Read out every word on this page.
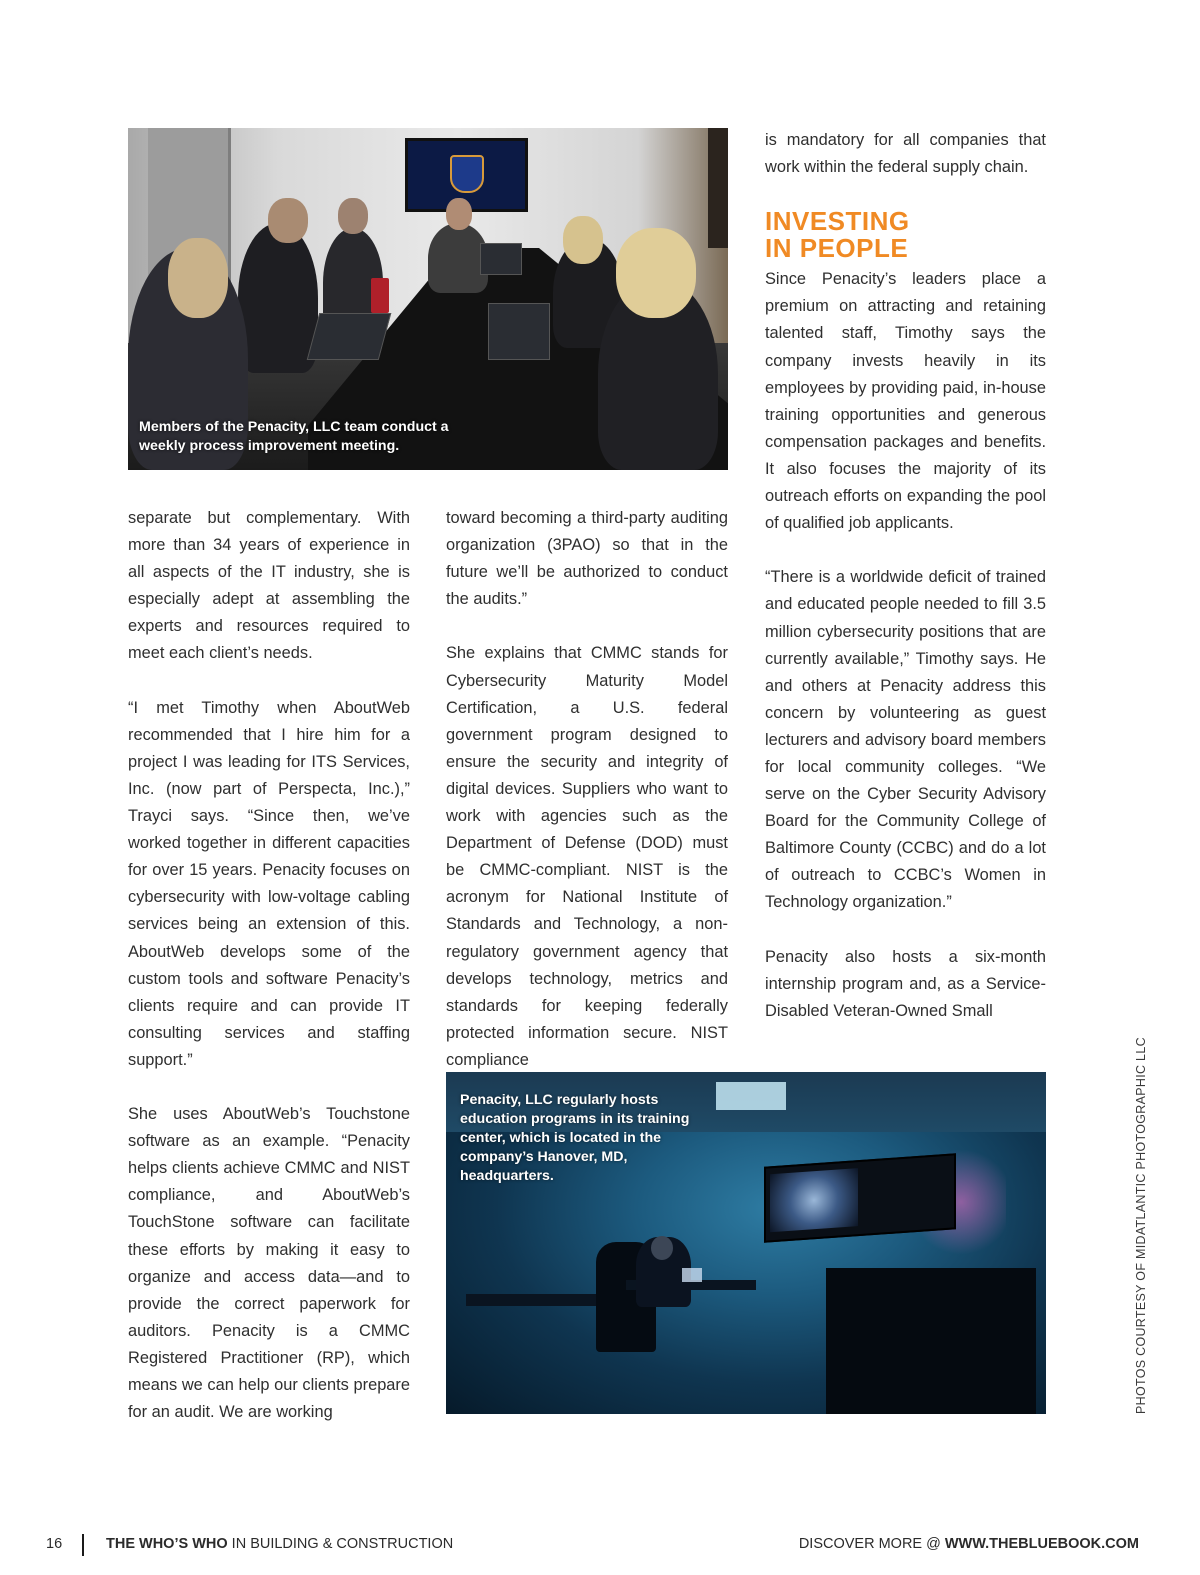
Members of the Penacity, LLC team conduct a weekly process improvement meeting.

separate but complementary. With more than 34 years of experience in all aspects of the IT industry, she is especially adept at assembling the experts and resources required to meet each client’s needs.

“I met Timothy when AboutWeb recommended that I hire him for a project I was leading for ITS Services, Inc. (now part of Perspecta, Inc.),” Trayci says. “Since then, we’ve worked together in different capacities for over 15 years. Penacity focuses on cybersecurity with low-voltage cabling services being an extension of this. AboutWeb develops some of the custom tools and software Penacity’s clients require and can provide IT consulting services and staffing support.”

She uses AboutWeb’s Touchstone software as an example. “Penacity helps clients achieve CMMC and NIST compliance, and AboutWeb’s TouchStone software can facilitate these efforts by making it easy to organize and access data—and to provide the correct paperwork for auditors. Penacity is a CMMC Registered Practitioner (RP), which means we can help our clients prepare for an audit. We are working

toward becoming a third-party auditing organization (3PAO) so that in the future we’ll be authorized to conduct the audits.”

She explains that CMMC stands for Cybersecurity Maturity Model Certification, a U.S. federal government program designed to ensure the security and integrity of digital devices. Suppliers who want to work with agencies such as the Department of Defense (DOD) must be CMMC-compliant. NIST is the acronym for National Institute of Standards and Technology, a non-regulatory government agency that develops technology, metrics and standards for keeping federally protected information secure. NIST compliance

is mandatory for all companies that work within the federal supply chain.

INVESTING
IN PEOPLE

Since Penacity’s leaders place a premium on attracting and retaining talented staff, Timothy says the company invests heavily in its employees by providing paid, in-house training opportunities and generous compensation packages and benefits. It also focuses the majority of its outreach efforts on expanding the pool of qualified job applicants.

“There is a worldwide deficit of trained and educated people needed to fill 3.5 million cybersecurity positions that are currently available,” Timothy says. He and others at Penacity address this concern by volunteering as guest lecturers and advisory board members for local community colleges. “We serve on the Cyber Security Advisory Board for the Community College of Baltimore County (CCBC) and do a lot of outreach to CCBC’s Women in Technology organization.”

Penacity also hosts a six-month internship program and, as a Service-Disabled Veteran-Owned Small

Penacity, LLC regularly hosts education programs in its training center, which is located in the company’s Hanover, MD, headquarters.	PHOTOS COURTESY OF MIDATLANTIC PHOTOGRAPHIC LLC
16	THE WHO’S WHO IN BUILDING & CONSTRUCTION	DISCOVER MORE @ WWW.THEBLUEBOOK.COM
